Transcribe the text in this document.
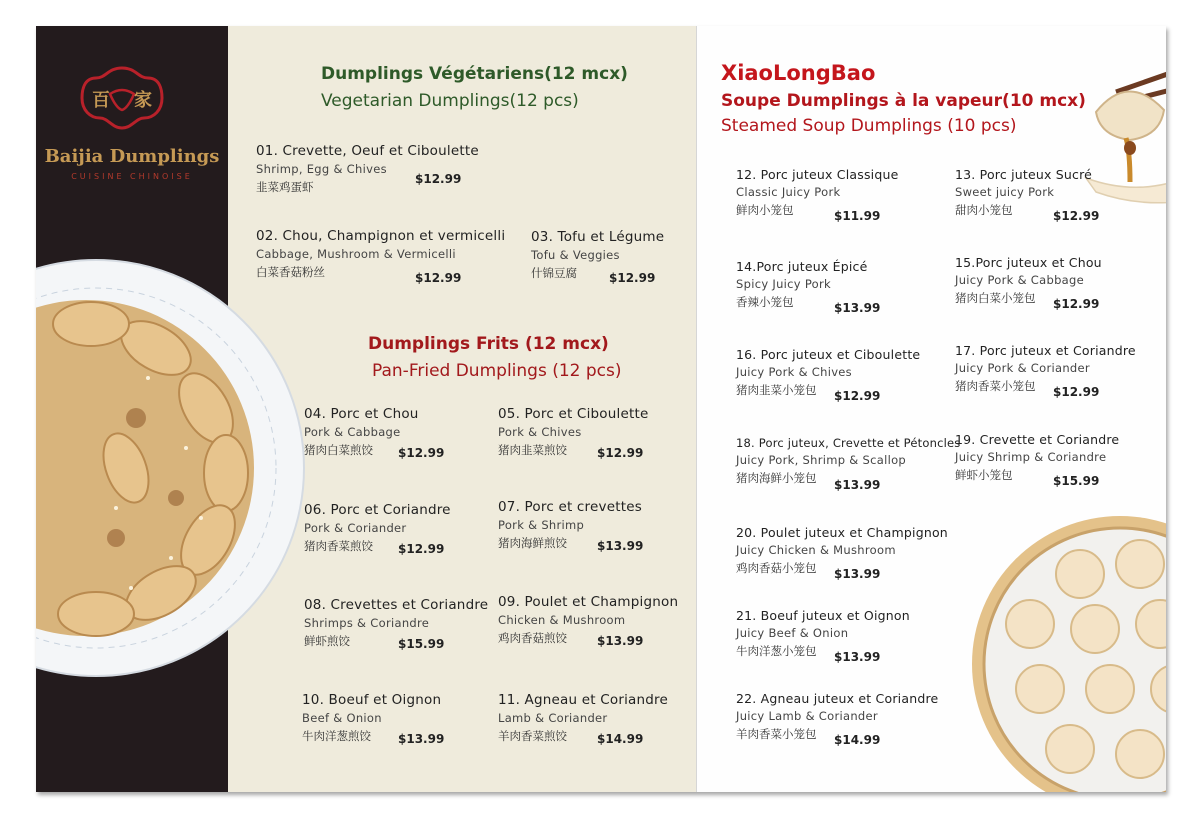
百 家
Baijia Dumplings
CUISINE CHINOISE
Dumplings Végétariens(12 mcx)
Vegetarian Dumplings(12 pcs)
01. Crevette, Oeuf et Ciboulette
Shrimp, Egg & Chives
韭菜鸡蛋虾
$12.99
02. Chou, Champignon et vermicelli
Cabbage, Mushroom & Vermicelli
白菜香菇粉丝	$12.99
03. Tofu et Légume
Tofu & Veggies
什锦豆腐	$12.99
Dumplings Frits (12 mcx)
Pan-Fried Dumplings (12 pcs)
04. Porc et Chou
Pork & Cabbage
猪肉白菜煎饺 $12.99
05. Porc et Ciboulette
Pork & Chives
猪肉韭菜煎饺	$12.99
06. Porc et Coriandre
Pork & Coriander
猪肉香菜煎饺 $12.99
07. Porc et crevettes
Pork & Shrimp
猪肉海鲜煎饺	$13.99
08. Crevettes et Coriandre
Shrimps & Coriandre
鲜虾煎饺	$15.99
09. Poulet et Champignon
Chicken & Mushroom
鸡肉香菇煎饺	$13.99
10. Boeuf et Oignon
Beef & Onion
牛肉洋葱煎饺 $13.99
11. Agneau et Coriandre
Lamb & Coriander
羊肉香菜煎饺	$14.99
XiaoLongBao
Soupe Dumplings à la vapeur(10 mcx)
Steamed Soup Dumplings (10 pcs)
12. Porc juteux Classique
Classic Juicy Pork
鲜肉小笼包	$11.99
13. Porc juteux Sucré
Sweet juicy Pork
甜肉小笼包	$12.99
14.Porc juteux Épicé
Spicy Juicy Pork
香辣小笼包	$13.99
15.Porc juteux et Chou
Juicy Pork & Cabbage
猪肉白菜小笼包 $12.99
16. Porc juteux et Ciboulette
Juicy Pork & Chives
猪肉韭菜小笼包 $12.99
17. Porc juteux et Coriandre
Juicy Pork & Coriander
猪肉香菜小笼包 $12.99
18. Porc juteux, Crevette et Pétoncles
Juicy Pork, Shrimp & Scallop
猪肉海鲜小笼包 $13.99
19. Crevette et Coriandre
Juicy Shrimp & Coriandre
鲜虾小笼包	$15.99
20. Poulet juteux et Champignon
Juicy Chicken & Mushroom
鸡肉香菇小笼包 $13.99
21. Boeuf juteux et Oignon
Juicy Beef & Onion
牛肉洋葱小笼包 $13.99
22. Agneau juteux et Coriandre
Juicy Lamb & Coriander
羊肉香菜小笼包 $14.99
